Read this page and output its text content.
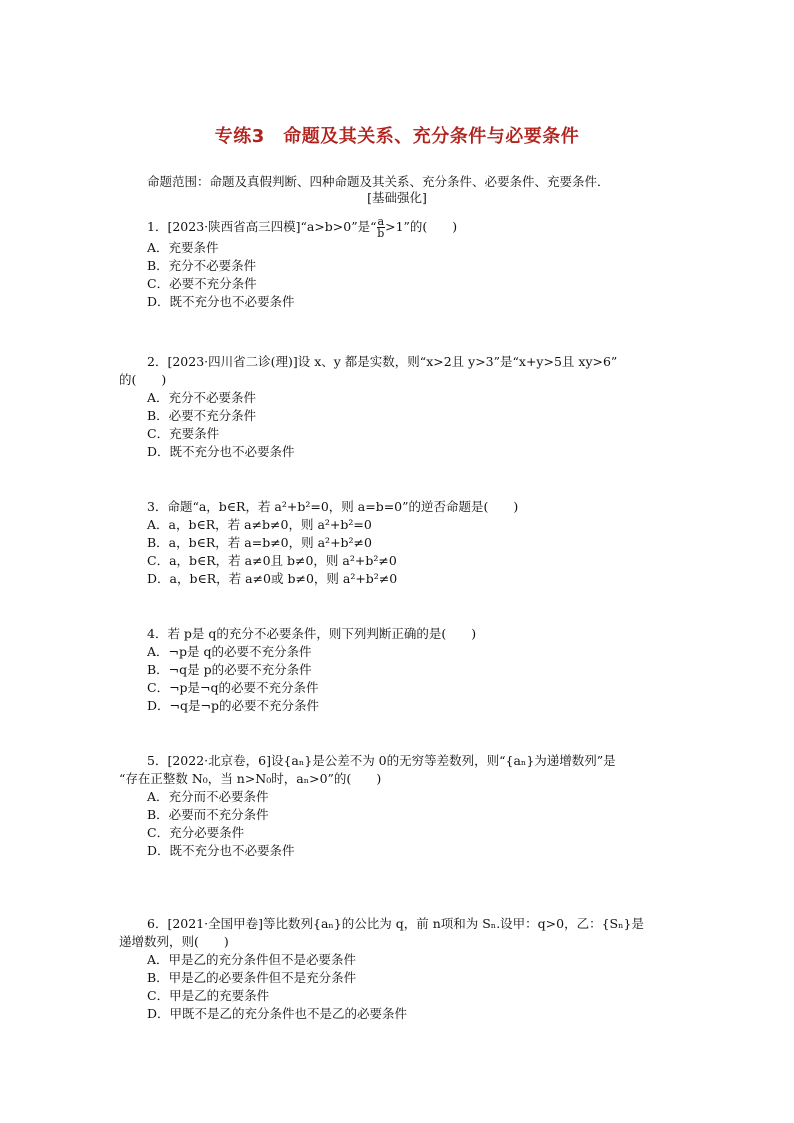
专练3　命题及其关系、充分条件与必要条件
命题范围：命题及真假判断、四种命题及其关系、充分条件、必要条件、充要条件．
[基础强化]
1．[2023·陕西省高三四模]“a>b>0”是“ $\frac{a}{b} >1$”的(　　)
A．充要条件
B．充分不必要条件
C．必要不充分条件
D．既不充分也不必要条件
2．[2023·四川省二诊(理)]设 x、y 都是实数，则“x>2且 y>3”是“x+y>5且 xy>6”
的(　　)
A．充分不必要条件
B．必要不充分条件
C．充要条件
D．既不充分也不必要条件
3．命题“a，b∈R，若 a²+b²=0，则 a=b=0”的逆否命题是(　　)
A．a，b∈R，若 a≠b≠0，则 a²+b²=0
B．a，b∈R，若 a=b≠0，则 a²+b²≠0
C．a，b∈R，若 a≠0且 b≠0，则 a²+b²≠0
D．a，b∈R，若 a≠0或 b≠0，则 a²+b²≠0
4．若 p是 q的充分不必要条件，则下列判断正确的是(　　)
A．¬p是 q的必要不充分条件
B．¬q是 p的必要不充分条件
C．¬p是¬q的必要不充分条件
D．¬q是¬p的必要不充分条件
5．[2022·北京卷，6]设{aₙ}是公差不为 0的无穷等差数列，则“{aₙ}为递增数列”是
“存在正整数 N₀，当 n>N₀时，aₙ>0”的(　　)
A．充分而不必要条件
B．必要而不充分条件
C．充分必要条件
D．既不充分也不必要条件
6．[2021·全国甲卷]等比数列{aₙ}的公比为 q，前 n项和为 Sₙ.设甲：q>0，乙：{Sₙ}是
递增数列，则(　　)
A．甲是乙的充分条件但不是必要条件
B．甲是乙的必要条件但不是充分条件
C．甲是乙的充要条件
D．甲既不是乙的充分条件也不是乙的必要条件
